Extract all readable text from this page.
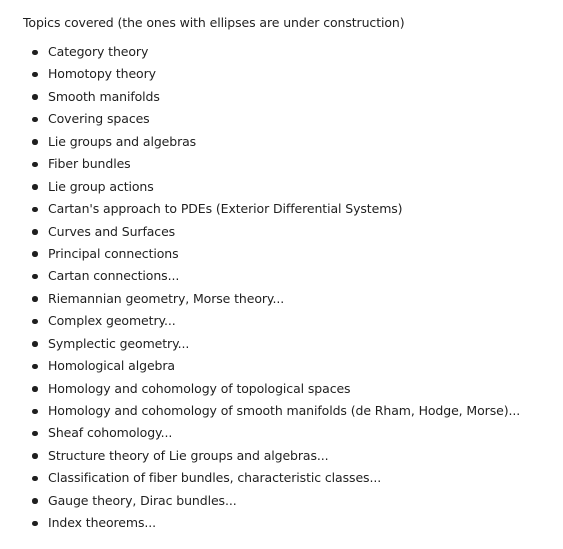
Topics covered (the ones with ellipses are under construction)

Category theory
Homotopy theory
Smooth manifolds
Covering spaces
Lie groups and algebras
Fiber bundles
Lie group actions
Cartan's approach to PDEs (Exterior Differential Systems)
Curves and Surfaces
Principal connections
Cartan connections...
Riemannian geometry, Morse theory...
Complex geometry...
Symplectic geometry...
Homological algebra
Homology and cohomology of topological spaces
Homology and cohomology of smooth manifolds (de Rham, Hodge, Morse)...
Sheaf cohomology...
Structure theory of Lie groups and algebras...
Classification of fiber bundles, characteristic classes...
Gauge theory, Dirac bundles...
Index theorems...
